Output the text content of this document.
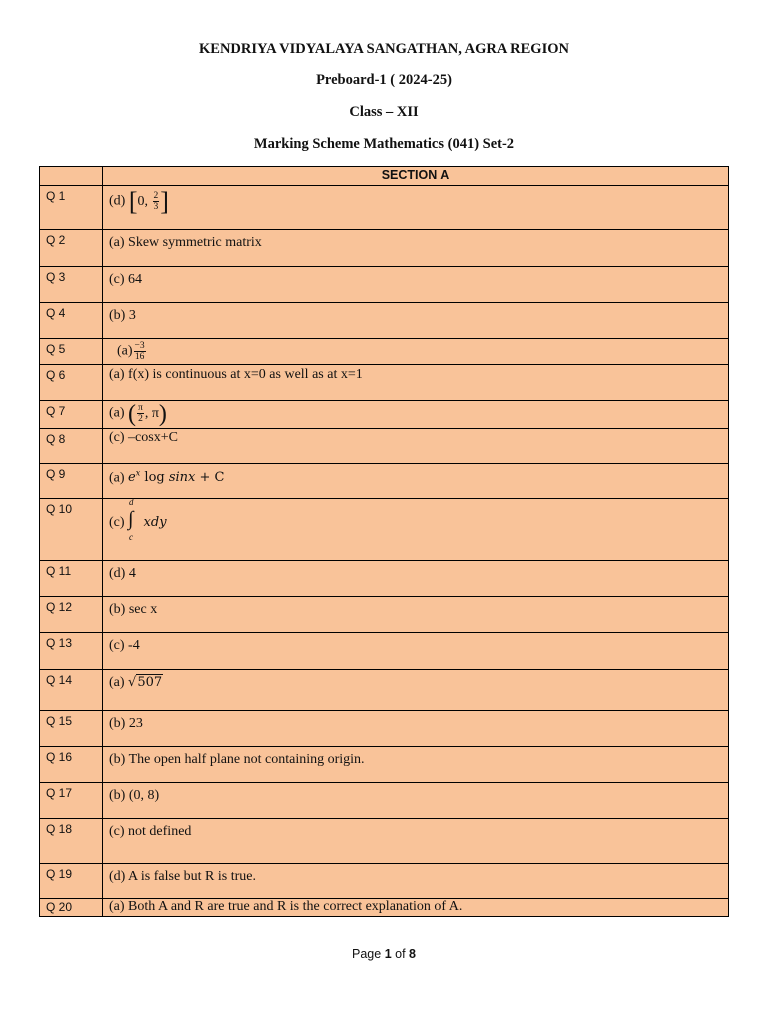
KENDRIYA VIDYALAYA SANGATHAN, AGRA REGION
Preboard-1 ( 2024-25)
Class – XII
Marking Scheme Mathematics (041) Set-2
	SECTION A
Q 1	(d) [0, $\frac{2}{3}$ ]
Q 2	(a) Skew symmetric matrix
Q 3	(c) 64
Q 4	(b) 3
Q 5	$(a) \frac{-3}{16}$

Q 6	(a) f(x) is continuous at x=0 as well as at x=1
Q 7	(a) ( $\frac{\pi}{2}$ , π)
Q 8	(c) –cosx+C
Q 9	(a) $e^x$ log sinx + C
Q 10	(c)
d
∫
c
xdy
Q 11	(d) 4
Q 12	(b) sec x
Q 13	(c) -4
Q 14	(a) √507
Q 15	(b) 23
Q 16	(b) The open half plane not containing origin.
Q 17	(b) (0, 8)
Q 18	(c) not defined
Q 19	(d) A is false but R is true.
Q 20	(a) Both A and R are true and R is the correct explanation of A.
Page 1 of 8
